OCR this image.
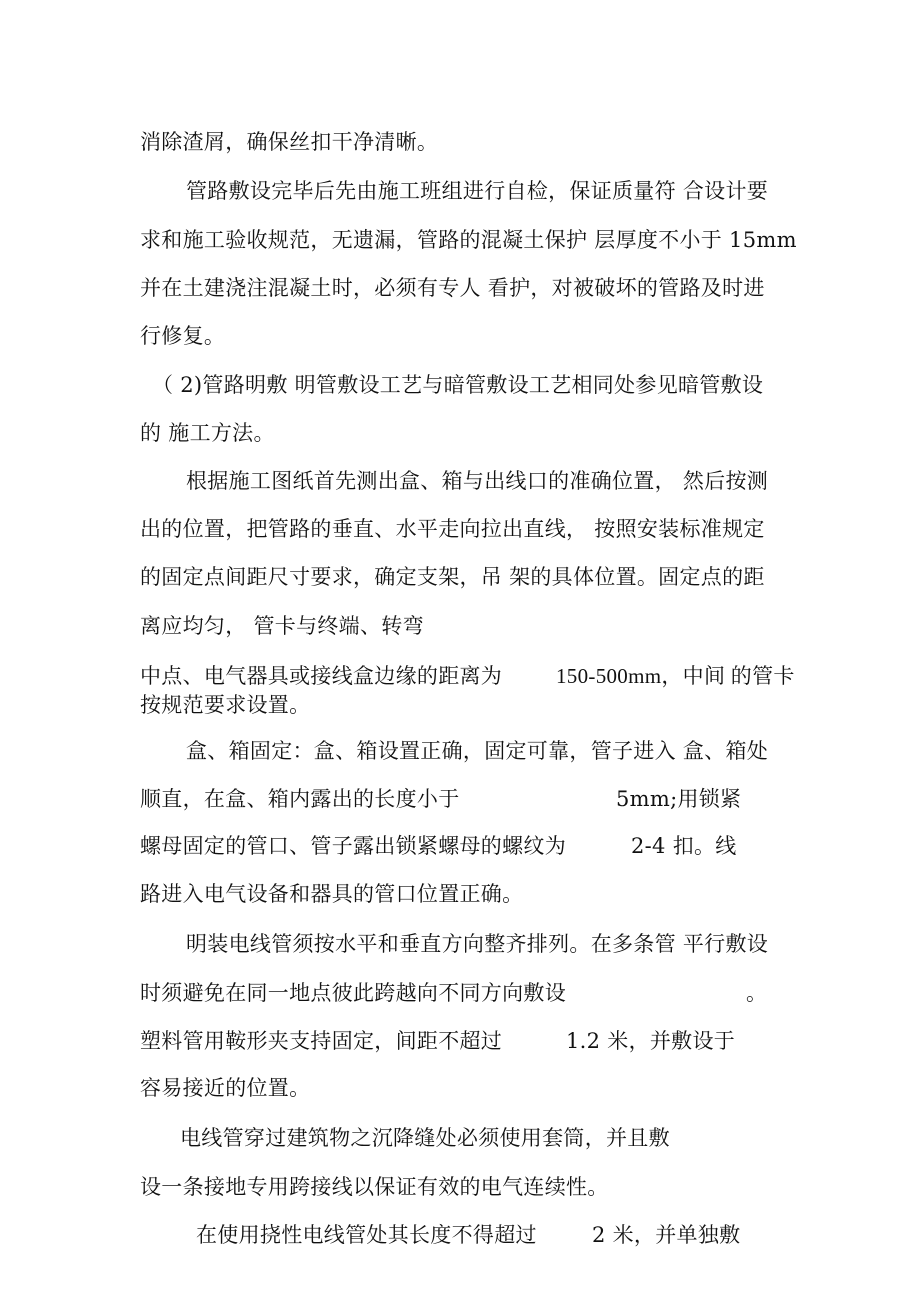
消除渣屑，确保丝扣干净清晰。
管路敷设完毕后先由施工班组进行自检，保证质量符 合设计要
求和施工验收规范，无遗漏，管路的混凝土保护 层厚度不小于 15mm
并在土建浇注混凝土时，必须有专人 看护，对被破坏的管路及时进
行修复。
（ 2)管路明敷 明管敷设工艺与暗管敷设工艺相同处参见暗管敷设
的 施工方法。
根据施工图纸首先测出盒、箱与出线口的准确位置， 然后按测
出的位置，把管路的垂直、水平走向拉出直线， 按照安装标准规定
的固定点间距尺寸要求，确定支架，吊 架的具体位置。固定点的距
离应均匀， 管卡与终端、转弯
中点、电气器具或接线盒边缘的距离为	150-500mm，中间 的管卡
按规范要求设置。
盒、箱固定：盒、箱设置正确，固定可靠，管子进入 盒、箱处
顺直，在盒、箱内露出的长度小于	5mm;用锁紧
螺母固定的管口、管子露出锁紧螺母的螺纹为	2-4 扣。线
路进入电气设备和器具的管口位置正确。
明装电线管须按水平和垂直方向整齐排列。在多条管 平行敷设
时须避免在同一地点彼此跨越向不同方向敷设	。
塑料管用鞍形夹支持固定，间距不超过	1.2 米，并敷设于
容易接近的位置。
电线管穿过建筑物之沉降缝处必须使用套筒，并且敷
设一条接地专用跨接线以保证有效的电气连续性。
在使用挠性电线管处其长度不得超过	2 米，并单独敷
